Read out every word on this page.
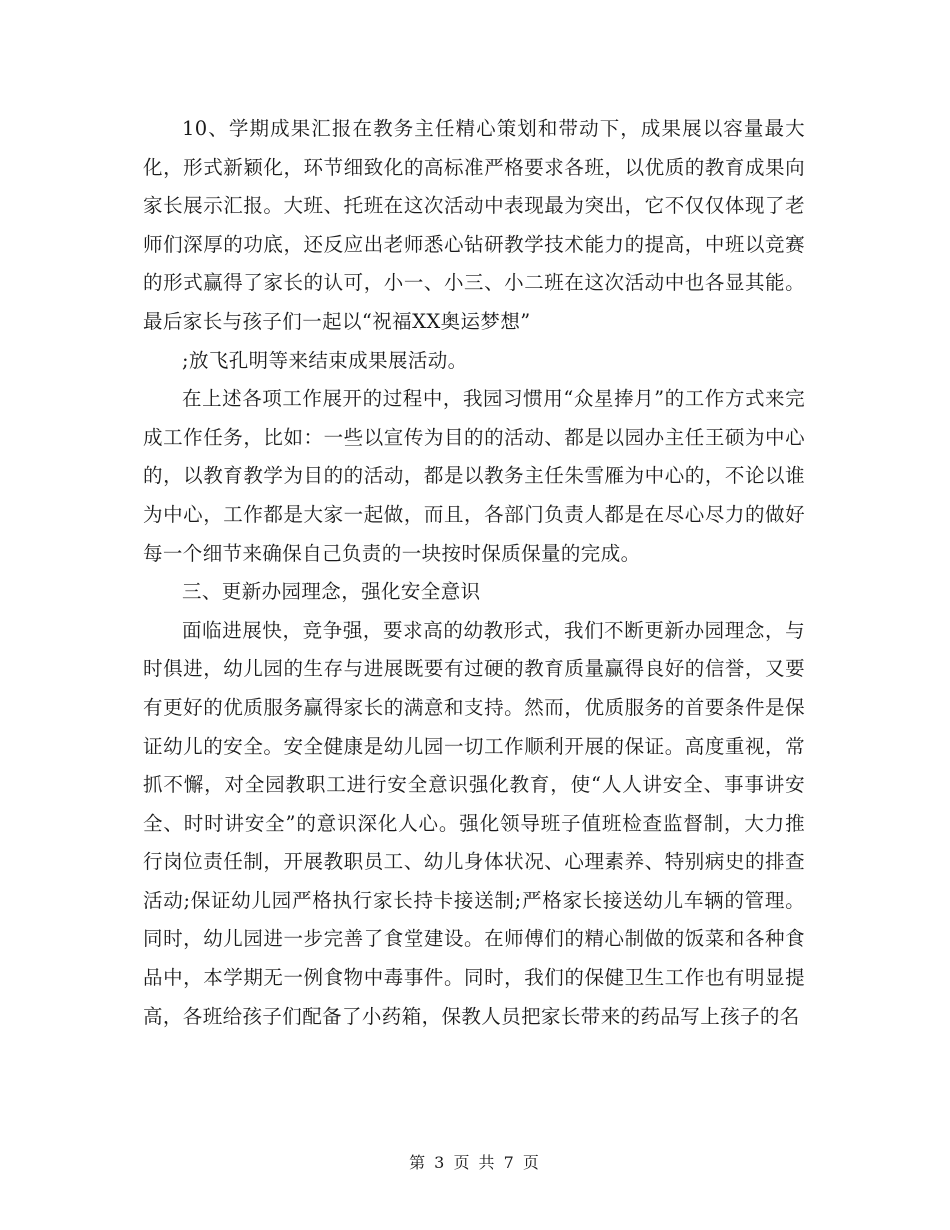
10、学期成果汇报在教务主任精心策划和带动下，成果展以容量最大化，形式新颖化，环节细致化的高标准严格要求各班，以优质的教育成果向家长展示汇报。大班、托班在这次活动中表现最为突出，它不仅仅体现了老师们深厚的功底，还反应出老师悉心钻研教学技术能力的提高，中班以竞赛的形式赢得了家长的认可，小一、小三、小二班在这次活动中也各显其能。最后家长与孩子们一起以“祝福XX奥运梦想”

;放飞孔明等来结束成果展活动。

在上述各项工作展开的过程中，我园习惯用“众星捧月”的工作方式来完成工作任务，比如：一些以宣传为目的的活动、都是以园办主任王硕为中心的，以教育教学为目的的活动，都是以教务主任朱雪雁为中心的，不论以谁为中心，工作都是大家一起做，而且，各部门负责人都是在尽心尽力的做好每一个细节来确保自己负责的一块按时保质保量的完成。

三、更新办园理念，强化安全意识

面临进展快，竞争强，要求高的幼教形式，我们不断更新办园理念，与时俱进，幼儿园的生存与进展既要有过硬的教育质量赢得良好的信誉，又要有更好的优质服务赢得家长的满意和支持。然而，优质服务的首要条件是保证幼儿的安全。安全健康是幼儿园一切工作顺利开展的保证。高度重视，常抓不懈，对全园教职工进行安全意识强化教育，使“人人讲安全、事事讲安全、时时讲安全”的意识深化人心。强化领导班子值班检查监督制，大力推行岗位责任制，开展教职员工、幼儿身体状况、心理素养、特别病史的排查活动;保证幼儿园严格执行家长持卡接送制;严格家长接送幼儿车辆的管理。同时，幼儿园进一步完善了食堂建设。在师傅们的精心制做的饭菜和各种食品中，本学期无一例食物中毒事件。同时，我们的保健卫生工作也有明显提高，各班给孩子们配备了小药箱，保教人员把家长带来的药品写上孩子的名

第 3 页 共 7 页
